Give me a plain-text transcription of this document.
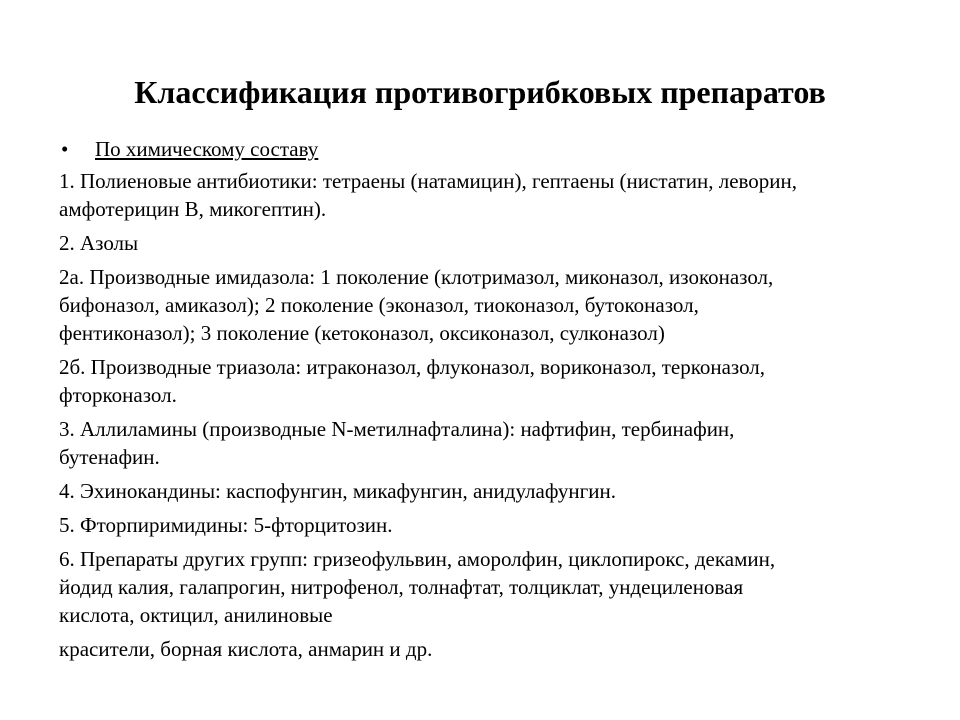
Классификация противогрибковых препаратов
• По химическому составу
1. Полиеновые антибиотики: тетраены (натамицин), гептаены (нистатин, леворин,
амфотерицин В, микогептин).
2. Азолы
2а. Производные имидазола: 1 поколение (клотримазол, миконазол, изоконазол,
бифоназол, амиказол); 2 поколение (эконазол, тиоконазол, бутоконазол,
фентиконазол); 3 поколение (кетоконазол, оксиконазол, сулконазол)
2б. Производные триазола: итраконазол, флуконазол, вориконазол, терконазол,
фторконазол.
3. Аллиламины (производные N-метилнафталина): нафтифин, тербинафин,
бутенафин.
4. Эхинокандины: каспофунгин, микафунгин, анидулафунгин.
5. Фторпиримидины: 5-фторцитозин.
6. Препараты других групп: гризеофульвин, аморолфин, циклопирокс, декамин,
йодид калия, галапрогин, нитрофенол, толнафтат, толциклат, ундециленовая
кислота, октицил, анилиновые
красители, борная кислота, анмарин и др.
